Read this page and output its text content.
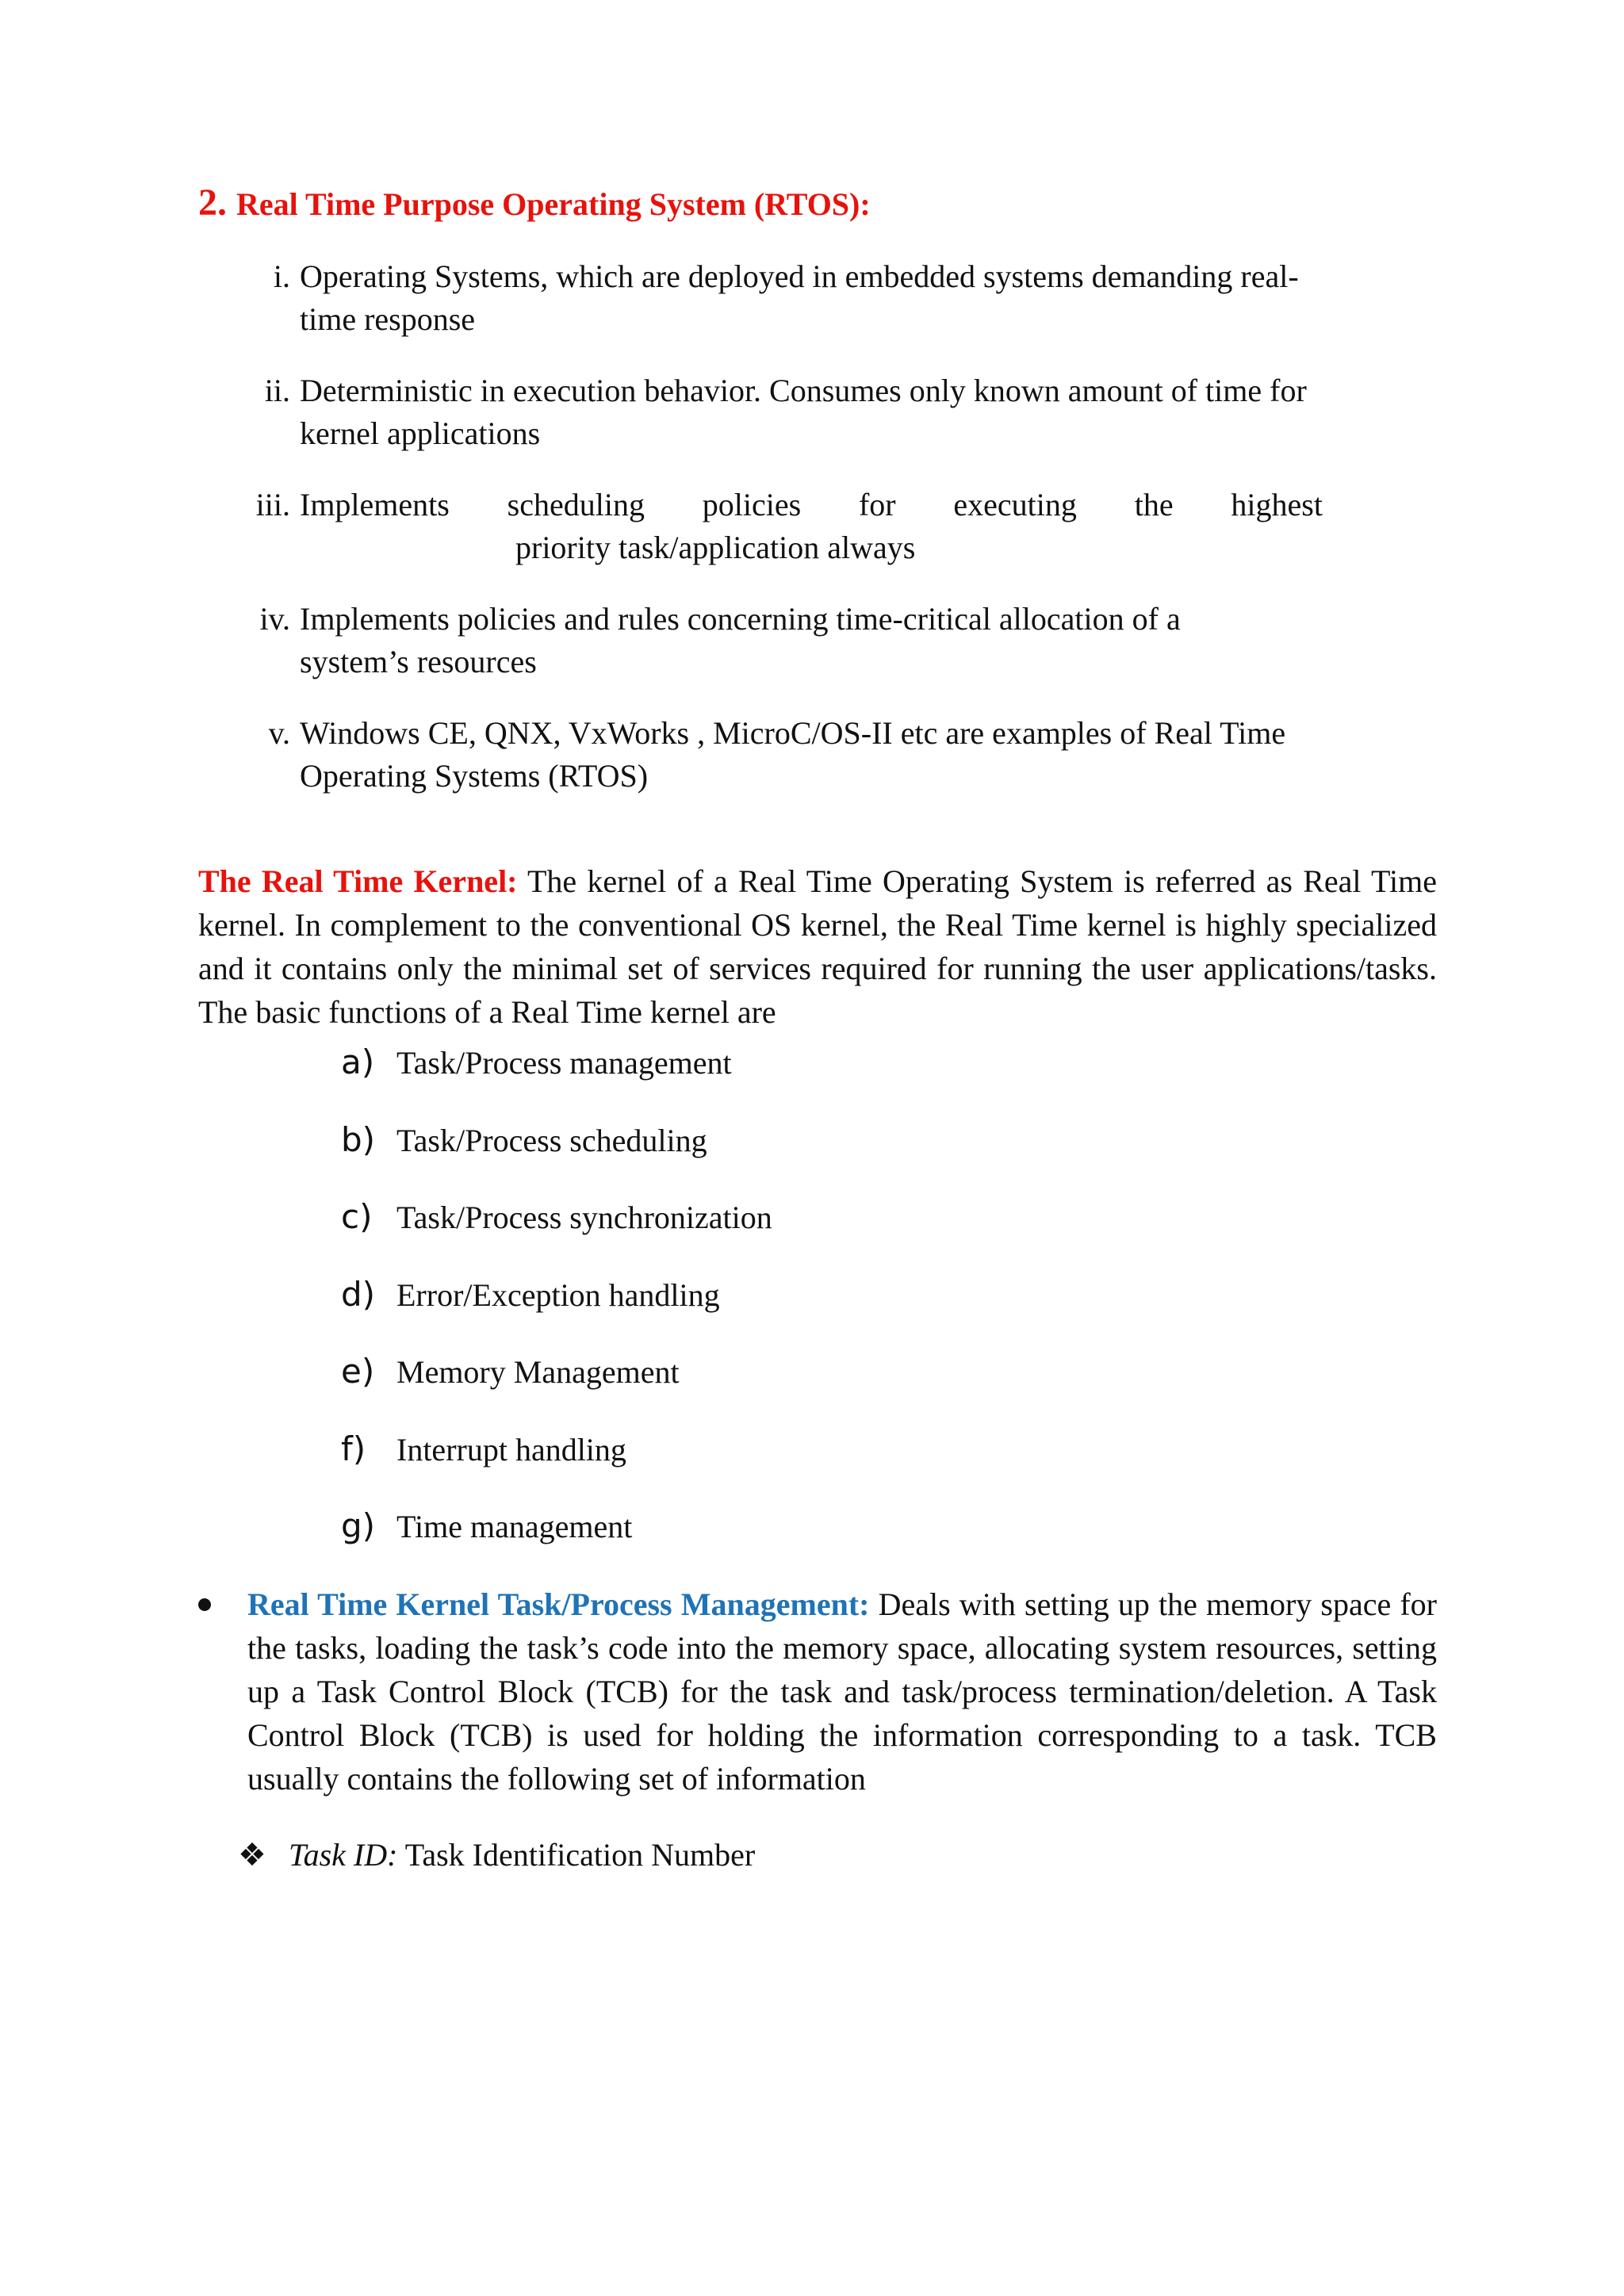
2. Real Time Purpose Operating System (RTOS):
i. Operating Systems, which are deployed in embedded systems demanding real-
time response
ii. Deterministic in execution behavior. Consumes only known amount of time for
kernel applications
iii. Implements scheduling policies for executing the highest
priority task/application always
iv. Implements policies and rules concerning time-critical allocation of a
system’s resources
v. Windows CE, QNX, VxWorks , MicroC/OS-II etc are examples of Real Time
Operating Systems (RTOS)
The Real Time Kernel: The kernel of a Real Time Operating System is referred as Real Time kernel. In complement to the conventional OS kernel, the Real Time kernel is highly specialized and it contains only the minimal set of services required for running the user applications/tasks. The basic functions of a Real Time kernel are
a) Task/Process management
b) Task/Process scheduling
c) Task/Process synchronization
d) Error/Exception handling
e) Memory Management
f) Interrupt handling
g) Time management
Real Time Kernel Task/Process Management: Deals with setting up the memory space for the tasks, loading the task’s code into the memory space, allocating system resources, setting up a Task Control Block (TCB) for the task and task/process termination/deletion. A Task Control Block (TCB) is used for holding the information corresponding to a task. TCB usually contains the following set of information
❖ Task ID: Task Identification Number
